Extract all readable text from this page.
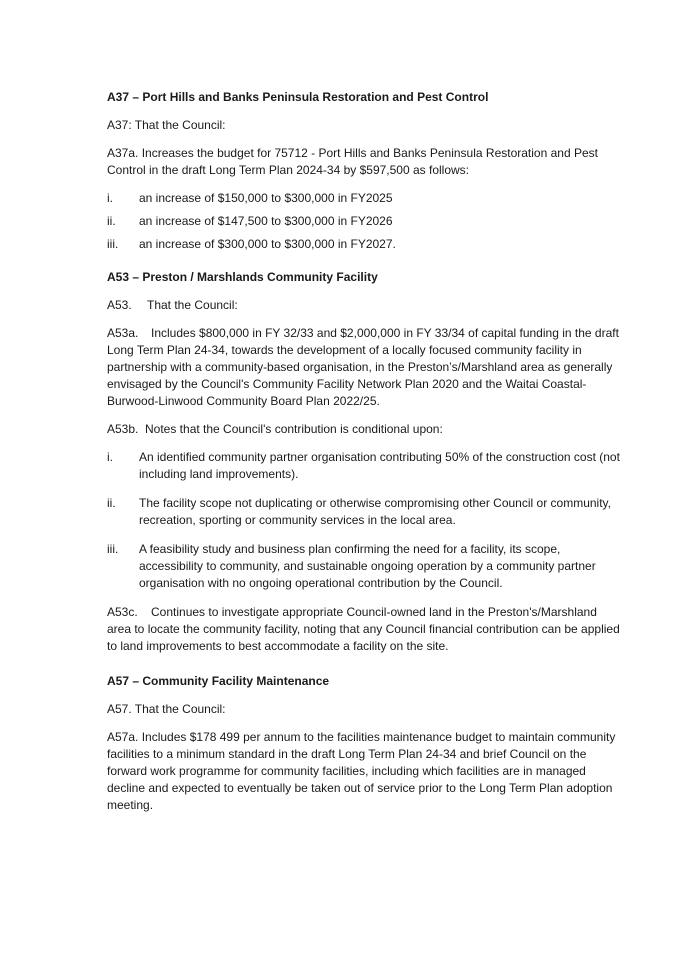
A37 – Port Hills and Banks Peninsula Restoration and Pest Control

A37: That the Council:

A37a. Increases the budget for 75712 - Port Hills and Banks Peninsula Restoration and Pest Control in the draft Long Term Plan 2024-34 by $597,500 as follows:

i.	an increase of $150,000 to $300,000 in FY2025
ii.	an increase of $147,500 to $300,000 in FY2026
iii.	an increase of $300,000 to $300,000 in FY2027.
A53 – Preston / Marshlands Community Facility

A53. That the Council:

A53a. Includes $800,000 in FY 32/33 and $2,000,000 in FY 33/34 of capital funding in the draft Long Term Plan 24-34, towards the development of a locally focused community facility in partnership with a community-based organisation, in the Preston’s/Marshland area as generally envisaged by the Council's Community Facility Network Plan 2020 and the Waitai Coastal-Burwood-Linwood Community Board Plan 2022/25.

A53b. Notes that the Council's contribution is conditional upon:

i.	An identified community partner organisation contributing 50% of the construction cost (not including land improvements).
ii.	The facility scope not duplicating or otherwise compromising other Council or community, recreation, sporting or community services in the local area.
iii.	A feasibility study and business plan confirming the need for a facility, its scope, accessibility to community, and sustainable ongoing operation by a community partner organisation with no ongoing operational contribution by the Council.

A53c. Continues to investigate appropriate Council-owned land in the Preston's/Marshland area to locate the community facility, noting that any Council financial contribution can be applied to land improvements to best accommodate a facility on the site.

A57 – Community Facility Maintenance

A57. That the Council:

A57a. Includes $178 499 per annum to the facilities maintenance budget to maintain community facilities to a minimum standard in the draft Long Term Plan 24-34 and brief Council on the forward work programme for community facilities, including which facilities are in managed decline and expected to eventually be taken out of service prior to the Long Term Plan adoption meeting.
